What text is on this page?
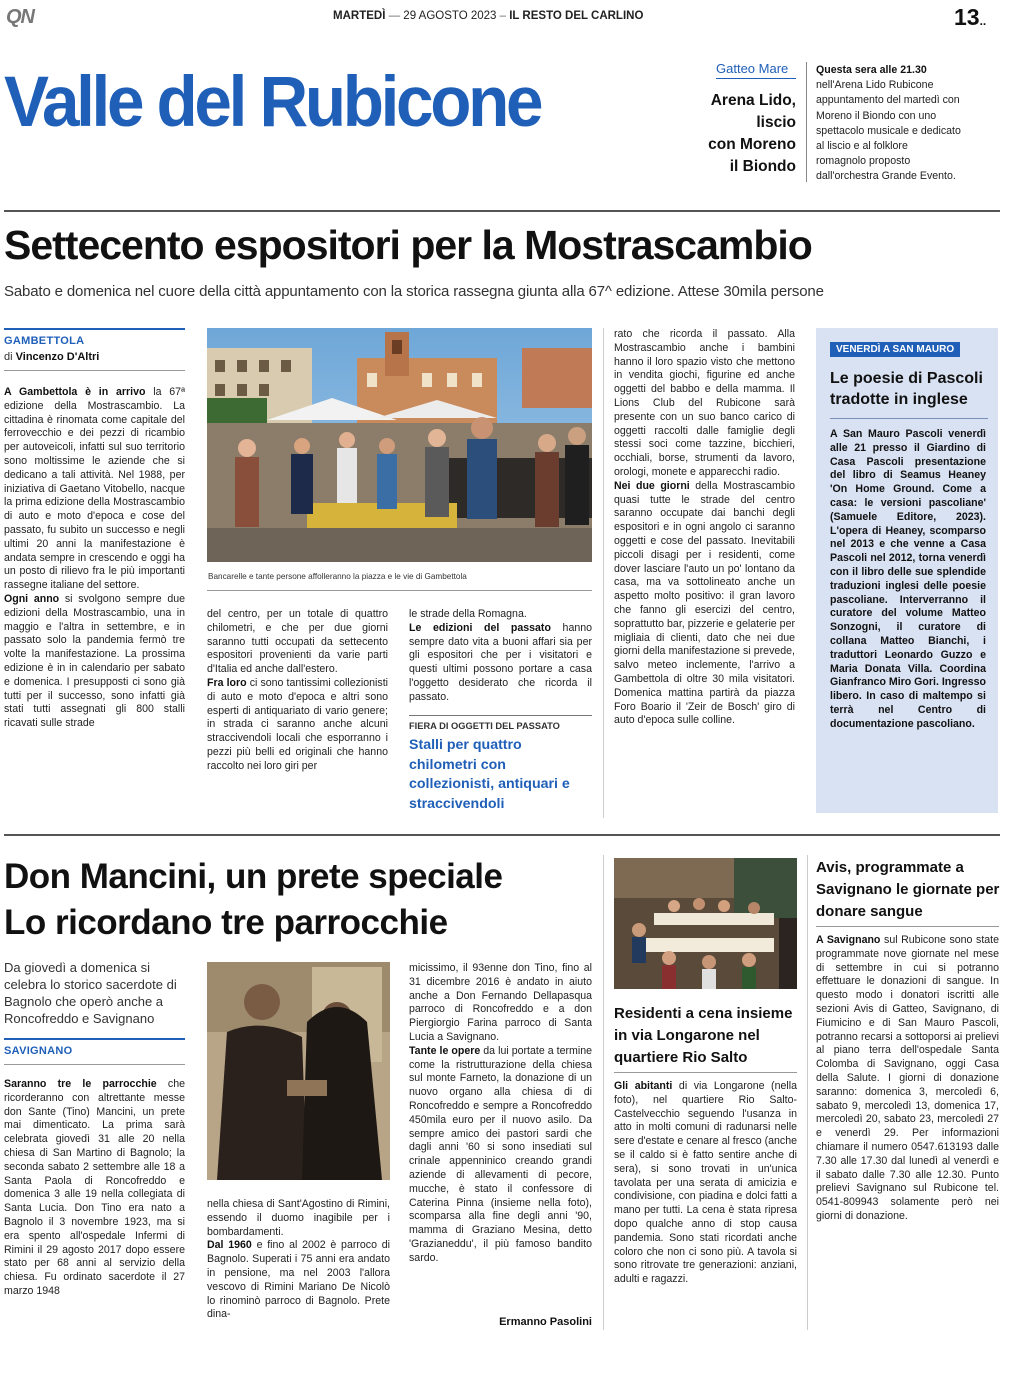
QN	MARTEDÌ — 29 AGOSTO 2023 – IL RESTO DEL CARLINO	13..
Valle del Rubicone	Gatteo Mare
Arena Lido,
liscio
con Moreno
il Biondo
Questa sera alle 21.30
nell'Arena Lido Rubicone
appuntamento del martedì con
Moreno il Biondo con uno
spettacolo musicale e dedicato
al liscio e al folklore
romagnolo proposto
dall'orchestra Grande Evento.
Settecento espositori per la Mostrascambio
Sabato e domenica nel cuore della città appuntamento con la storica rassegna giunta alla 67^ edizione. Attese 30mila persone
GAMBETTOLA
di Vincenzo D'Altri

A Gambettola è in arrivo la 67ª edizione della Mostrascambio. La cittadina è rinomata come capitale del ferrovecchio e dei pezzi di ricambio per autoveicoli, infatti sul suo territorio sono moltissime le aziende che si dedicano a tali attività. Nel 1988, per iniziativa di Gaetano Vitobello, nacque la prima edizione della Mostrascambio di auto e moto d'epoca e cose del passato, fu subito un successo e negli ultimi 20 anni la manifestazione è andata sempre in crescendo e oggi ha un posto di rilievo fra le più importanti rassegne italiane del settore.

Ogni anno si svolgono sempre due edizioni della Mostrascambio, una in maggio e l'altra in settembre, e in passato solo la pandemia fermò tre volte la manifestazione. La prossima edizione è in in calendario per sabato e domenica. I presupposti ci sono già tutti per il successo, sono infatti già stati tutti assegnati gli 800 stalli ricavati sulle strade

Bancarelle e tante persone affolleranno la piazza e le vie di Gambettola

del centro, per un totale di quattro chilometri, e che per due giorni saranno tutti occupati da settecento espositori provenienti da varie parti d'Italia ed anche dall'estero.

Fra loro ci sono tantissimi collezionisti di auto e moto d'epoca e altri sono esperti di antiquariato di vario genere; in strada ci saranno anche alcuni straccivendoli locali che esporranno i pezzi più belli ed originali che hanno raccolto nei loro giri per

le strade della Romagna.

Le edizioni del passato hanno sempre dato vita a buoni affari sia per gli espositori che per i visitatori e questi ultimi possono portare a casa l'oggetto desiderato che ricorda il passato.

FIERA DI OGGETTI DEL PASSATO
Stalli per quattro chilometri con collezionisti, antiquari e straccivendoli

rato che ricorda il passato. Alla Mostrascambio anche i bambini hanno il loro spazio visto che mettono in vendita giochi, figurine ed anche oggetti del babbo e della mamma. Il Lions Club del Rubicone sarà presente con un suo banco carico di oggetti raccolti dalle famiglie degli stessi soci come tazzine, bicchieri, occhiali, borse, strumenti da lavoro, orologi, monete e apparecchi radio.

Nei due giorni della Mostrascambio quasi tutte le strade del centro saranno occupate dai banchi degli espositori e in ogni angolo ci saranno oggetti e cose del passato. Inevitabili piccoli disagi per i residenti, come dover lasciare l'auto un po' lontano da casa, ma va sottolineato anche un aspetto molto positivo: il gran lavoro che fanno gli esercizi del centro, soprattutto bar, pizzerie e gelaterie per migliaia di clienti, dato che nei due giorni della manifestazione si prevede, salvo meteo inclemente, l'arrivo a Gambettola di oltre 30 mila visitatori. Domenica mattina partirà da piazza Foro Boario il 'Zeir de Bosch' giro di auto d'epoca sulle colline.

VENERDÌ A SAN MAURO
Le poesie di Pascoli tradotte in inglese
A San Mauro Pascoli venerdì alle 21 presso il Giardino di Casa Pascoli presentazione del libro di Seamus Heaney 'On Home Ground. Come a casa: le versioni pascoliane' (Samuele Editore, 2023). L'opera di Heaney, scomparso nel 2013 e che venne a Casa Pascoli nel 2012, torna venerdì con il libro delle sue splendide traduzioni inglesi delle poesie pascoliane. Interverranno il curatore del volume Matteo Sonzogni, il curatore di collana Matteo Bianchi, i traduttori Leonardo Guzzo e Maria Donata Villa. Coordina Gianfranco Miro Gori. Ingresso libero. In caso di maltempo si terrà nel Centro di documentazione pascoliano.
Don Mancini, un prete speciale
Lo ricordano tre parrocchie
Da giovedì a domenica si celebra lo storico sacerdote di Bagnolo che operò anche a Roncofreddo e Savignano
SAVIGNANO

Saranno tre le parrocchie che ricorderanno con altrettante messe don Sante (Tino) Mancini, un prete mai dimenticato. La prima sarà celebrata giovedì 31 alle 20 nella chiesa di San Martino di Bagnolo; la seconda sabato 2 settembre alle 18 a Santa Paola di Roncofreddo e domenica 3 alle 19 nella collegiata di Santa Lucia. Don Tino era nato a Bagnolo il 3 novembre 1923, ma si era spento all'ospedale Infermi di Rimini il 29 agosto 2017 dopo essere stato per 68 anni al servizio della chiesa. Fu ordinato sacerdote il 27 marzo 1948

nella chiesa di Sant'Agostino di Rimini, essendo il duomo inagibile per i bombardamenti.

Dal 1960 e fino al 2002 è parroco di Bagnolo. Superati i 75 anni era andato in pensione, ma nel 2003 l'allora vescovo di Rimini Mariano De Nicolò lo rinominò parroco di Bagnolo. Prete dina-

micissimo, il 93enne don Tino, fino al 31 dicembre 2016 è andato in aiuto anche a Don Fernando Dellapasqua parroco di Roncofreddo e a don Piergiorgio Farina parroco di Santa Lucia a Savignano.

Tante le opere da lui portate a termine come la ristrutturazione della chiesa sul monte Farneto, la donazione di un nuovo organo alla chiesa di di Roncofreddo e sempre a Roncofreddo 450mila euro per il nuovo asilo. Da sempre amico dei pastori sardi che dagli anni '60 si sono insediati sul crinale appenninico creando grandi aziende di allevamenti di pecore, mucche, è stato il confessore di Caterina Pinna (insieme nella foto), scomparsa alla fine degli anni '90, mamma di Graziano Mesina, detto 'Grazianeddu', il più famoso bandito sardo.

Ermanno Pasolini
Residenti a cena insieme in via Longarone nel quartiere Rio Salto

Gli abitanti di via Longarone (nella foto), nel quartiere Rio Salto-Castelvecchio seguendo l'usanza in atto in molti comuni di radunarsi nelle sere d'estate e cenare al fresco (anche se il caldo si è fatto sentire anche di sera), si sono trovati in un'unica tavolata per una serata di amicizia e condivisione, con piadina e dolci fatti a mano per tutti. La cena è stata ripresa dopo qualche anno di stop causa pandemia. Sono stati ricordati anche coloro che non ci sono più. A tavola si sono ritrovate tre generazioni: anziani, adulti e ragazzi.

Avis, programmate a Savignano le giornate per donare sangue

A Savignano sul Rubicone sono state programmate nove giornate nel mese di settembre in cui si potranno effettuare le donazioni di sangue. In questo modo i donatori iscritti alle sezioni Avis di Gatteo, Savignano, di Fiumicino e di San Mauro Pascoli, potranno recarsi a sottoporsi ai prelievi al piano terra dell'ospedale Santa Colomba di Savignano, oggi Casa della Salute. I giorni di donazione saranno: domenica 3, mercoledì 6, sabato 9, mercoledì 13, domenica 17, mercoledì 20, sabato 23, mercoledì 27 e venerdì 29. Per informazioni chiamare il numero 0547.613193 dalle 7.30 alle 17.30 dal lunedì al venerdì e il sabato dalle 7.30 alle 12.30. Punto prelievi Savignano sul Rubicone tel. 0541-809943 solamente però nei giorni di donazione.
